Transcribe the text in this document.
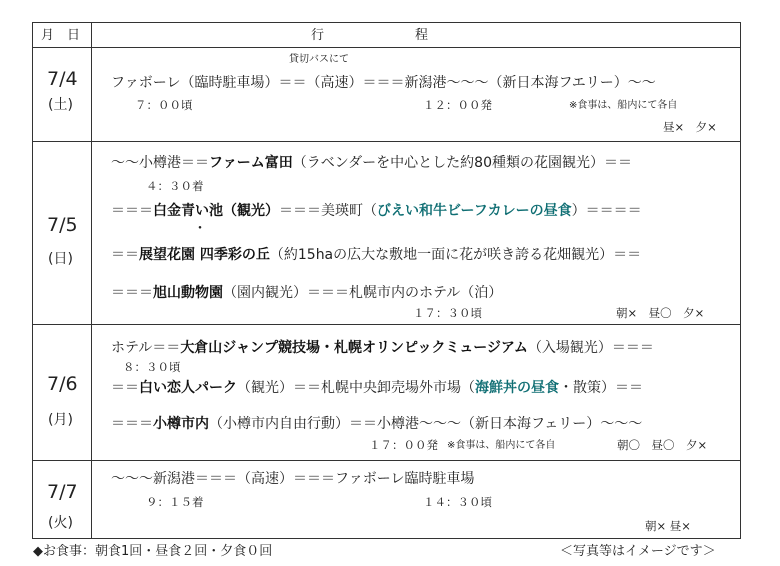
月　日	行　　　　　　　程
7/4
(土)
貸切バスにて
ファボーレ（臨時駐車場）＝＝（高速）＝＝＝新潟港～～～（新日本海フエリー）～～
７：００頃	１２：００発	※食事は、船内にて各自
昼×　夕×
7/5
(日)
～～小樽港＝＝ファーム富田（ラベンダーを中心とした約80種類の花園観光）＝＝
４：３０着
＝＝＝白金青い池（観光）＝＝＝美瑛町（びえい和牛ビーフカレーの昼食）＝＝＝＝
・
＝＝展望花園 四季彩の丘（約15haの広大な敷地一面に花が咲き誇る花畑観光）＝＝
＝＝＝旭山動物園（園内観光）＝＝＝札幌市内のホテル（泊）
１７：３０頃	朝×　昼〇　夕×
7/6
(月)
ホテル＝＝大倉山ジャンプ競技場・札幌オリンピックミュージアム（入場観光）＝＝＝
８：３０頃
＝＝白い恋人パーク（観光）＝＝札幌中央卸売場外市場（海鮮丼の昼食・散策）＝＝
＝＝＝小樽市内（小樽市内自由行動）＝＝小樽港～～～（新日本海フェリー）～～～
１７：００発 ※食事は、船内にて各自	朝〇　昼〇　夕×
7/7
(火)
～～～新潟港＝＝＝（高速）＝＝＝ファボーレ臨時駐車場
９：１５着	１４：３０頃
朝× 昼×
◆お食事：朝食1回・昼食２回・夕食０回	＜写真等はイメージです＞
